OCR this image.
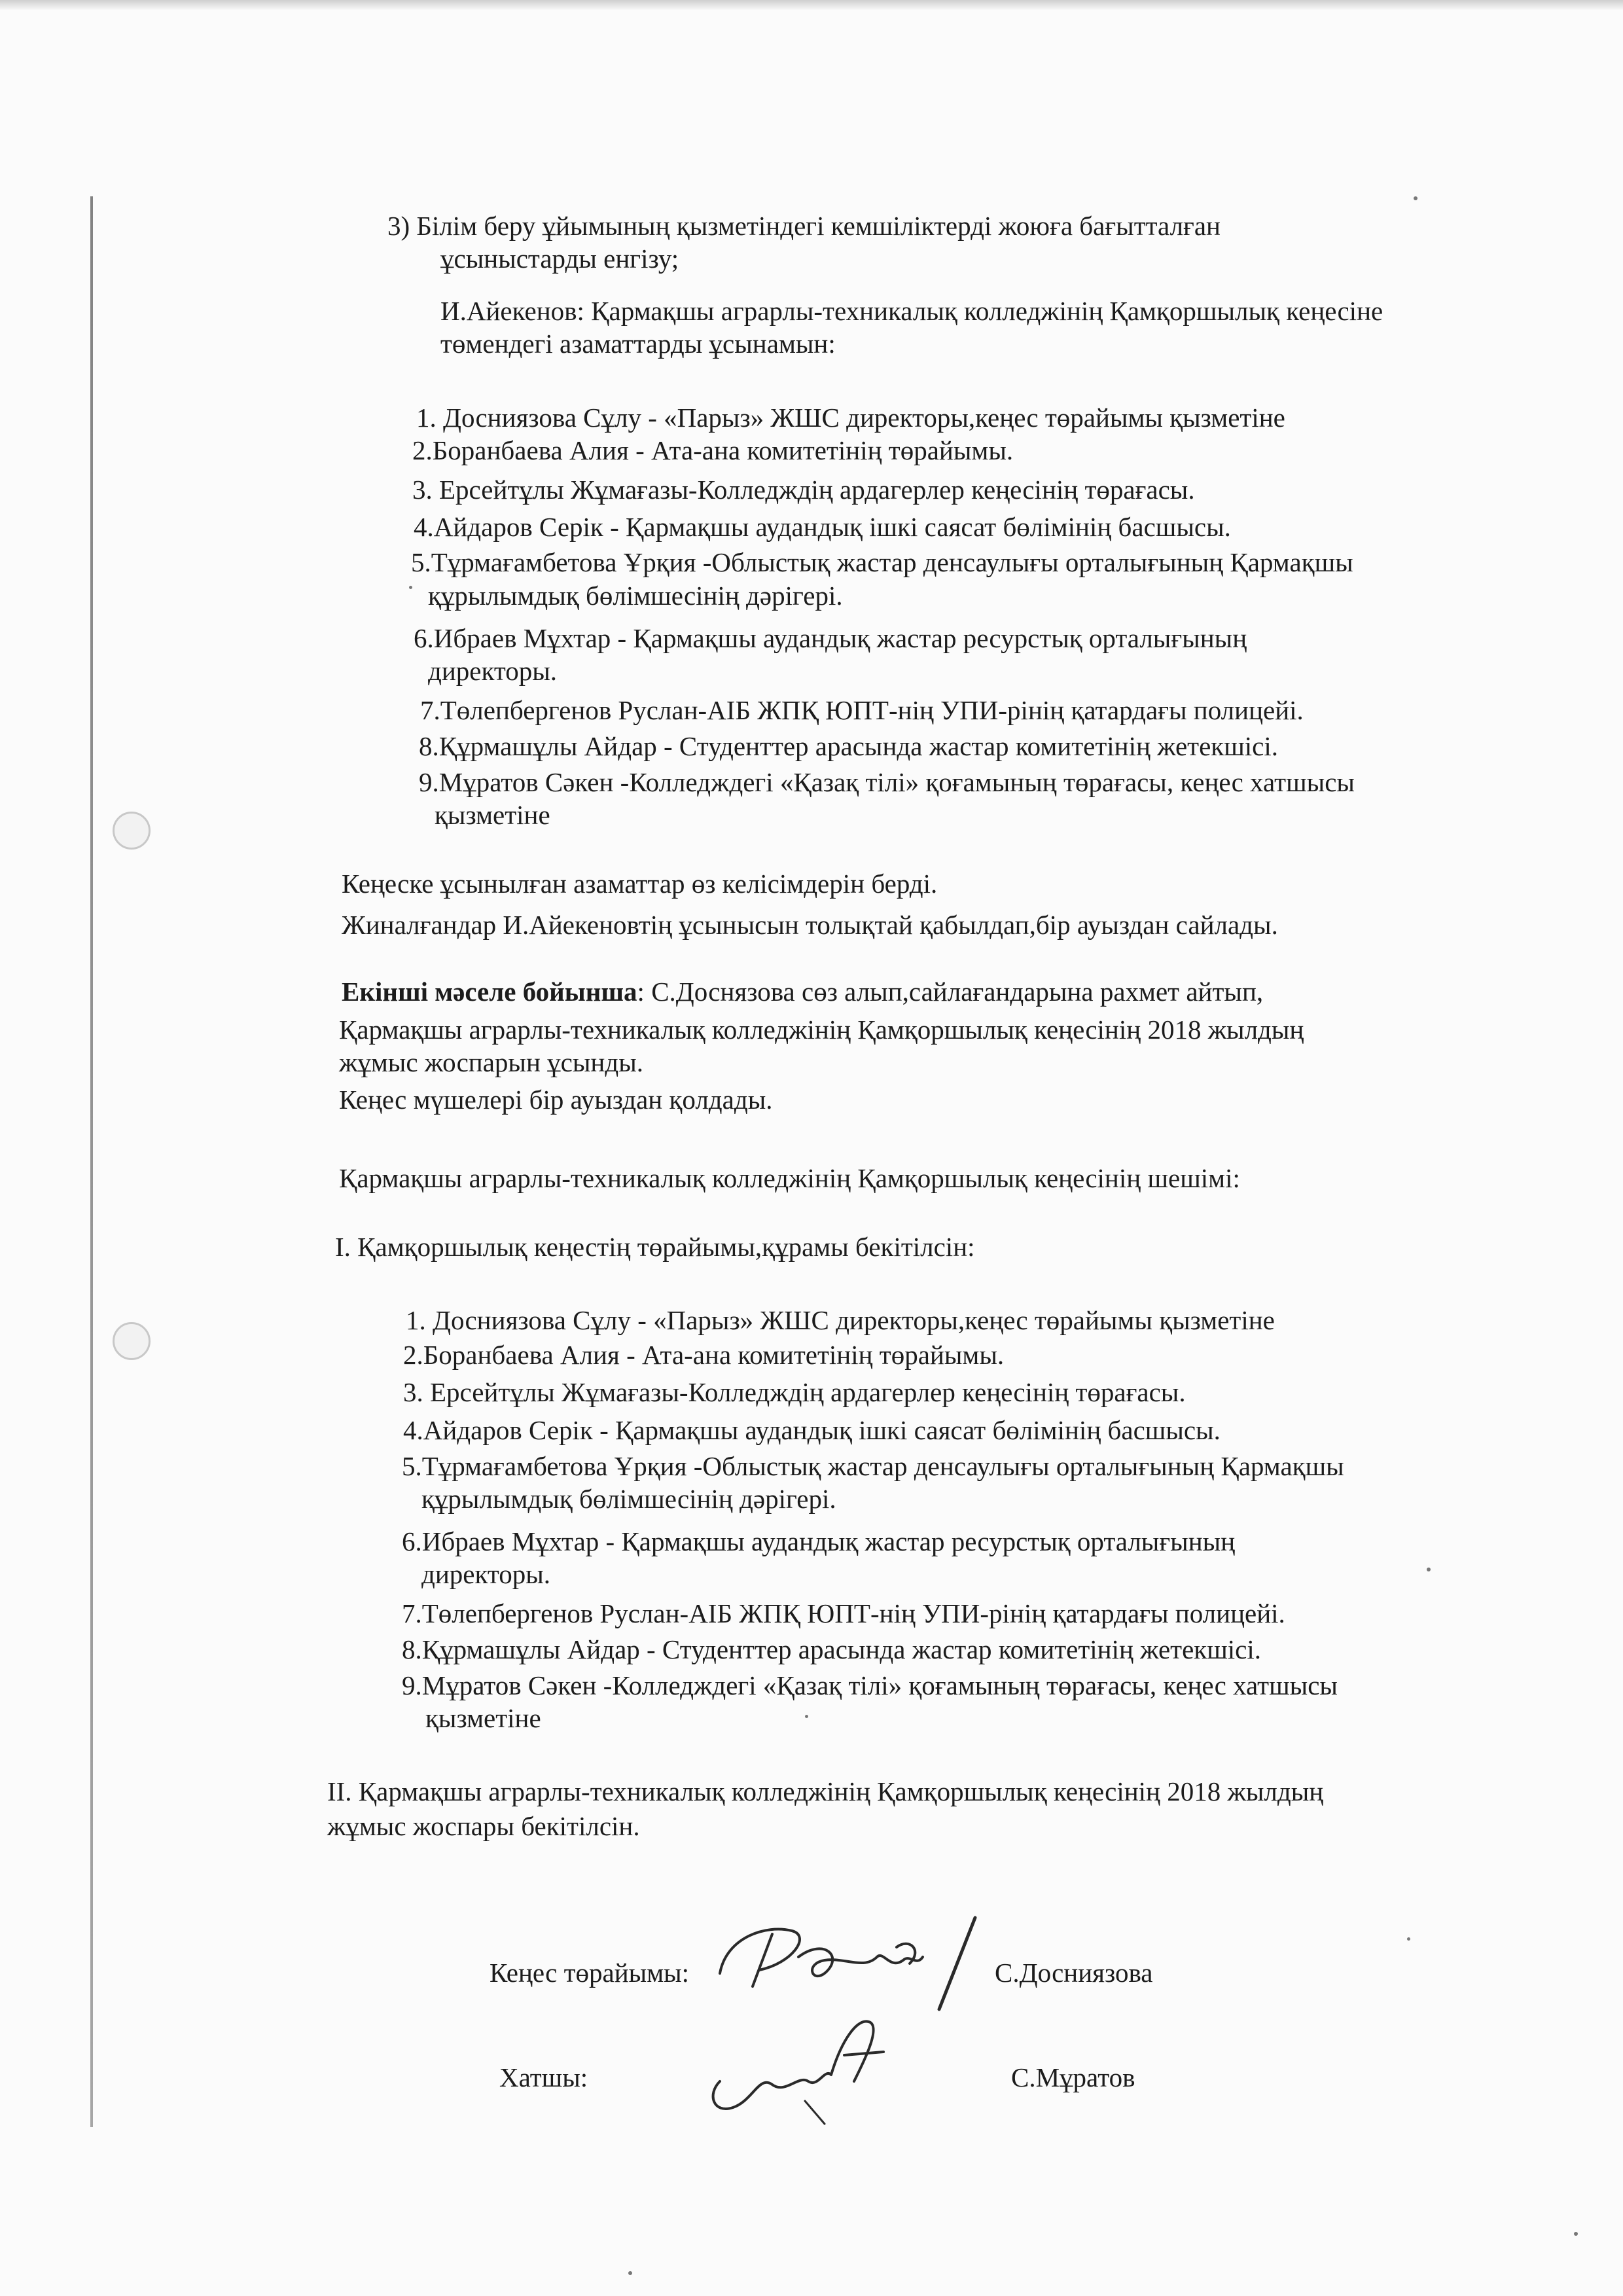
3) Білім беру ұйымының қызметіндегі кемшіліктерді жоюға бағытталған
ұсыныстарды енгізу;
И.Айекенов: Қармақшы аграрлы-техникалық колледжінің Қамқоршылық кеңесіне
төмендегі азаматтарды ұсынамын:
1. Досниязова Сұлу - «Парыз» ЖШС директоры,кеңес төрайымы қызметіне
2.Боранбаева Алия - Ата-ана комитетінің төрайымы.
3. Ерсейтұлы Жұмағазы-Колледждің ардагерлер кеңесінің төрағасы.
4.Айдаров Серік - Қармақшы аудандық ішкі саясат бөлімінің басшысы.
5.Тұрмағамбетова Ұрқия -Облыстық жастар денсаулығы орталығының Қармақшы
құрылымдық бөлімшесінің дәрігері.
6.Ибраев Мұхтар - Қармақшы аудандық жастар ресурстық орталығының
директоры.
7.Төлепбергенов Руслан-АІБ ЖПҚ ЮПТ-нің УПИ-рінің қатардағы полицейі.
8.Құрмашұлы Айдар - Студенттер арасында жастар комитетінің жетекшісі.
9.Мұратов Сәкен -Колледждегі «Қазақ тілі» қоғамының төрағасы, кеңес хатшысы
қызметіне
Кеңеске ұсынылған азаматтар өз келісімдерін берді.
Жиналғандар И.Айекеновтің ұсынысын толықтай қабылдап,бір ауыздан сайлады.
Екінші мәселе бойынша: С.Доснязова сөз алып,сайлағандарына рахмет айтып,
Қармақшы аграрлы-техникалық колледжінің Қамқоршылық кеңесінің 2018 жылдың
жұмыс жоспарын ұсынды.
Кеңес мүшелері бір ауыздан қолдады.
Қармақшы аграрлы-техникалық колледжінің Қамқоршылық кеңесінің шешімі:
І. Қамқоршылық кеңестің төрайымы,құрамы бекітілсін:
1. Досниязова Сұлу - «Парыз» ЖШС директоры,кеңес төрайымы қызметіне
2.Боранбаева Алия - Ата-ана комитетінің төрайымы.
3. Ерсейтұлы Жұмағазы-Колледждің ардагерлер кеңесінің төрағасы.
4.Айдаров Серік - Қармақшы аудандық ішкі саясат бөлімінің басшысы.
5.Тұрмағамбетова Ұрқия -Облыстық жастар денсаулығы орталығының Қармақшы
құрылымдық бөлімшесінің дәрігері.
6.Ибраев Мұхтар - Қармақшы аудандық жастар ресурстық орталығының
директоры.
7.Төлепбергенов Руслан-АІБ ЖПҚ ЮПТ-нің УПИ-рінің қатардағы полицейі.
8.Құрмашұлы Айдар - Студенттер арасында жастар комитетінің жетекшісі.
9.Мұратов Сәкен -Колледждегі «Қазақ тілі» қоғамының төрағасы, кеңес хатшысы
қызметіне
ІІ. Қармақшы аграрлы-техникалық колледжінің Қамқоршылық кеңесінің 2018 жылдың
жұмыс жоспары бекітілсін.
Кеңес төрайымы:	С.Досниязова
Хатшы:	С.Мұратов
